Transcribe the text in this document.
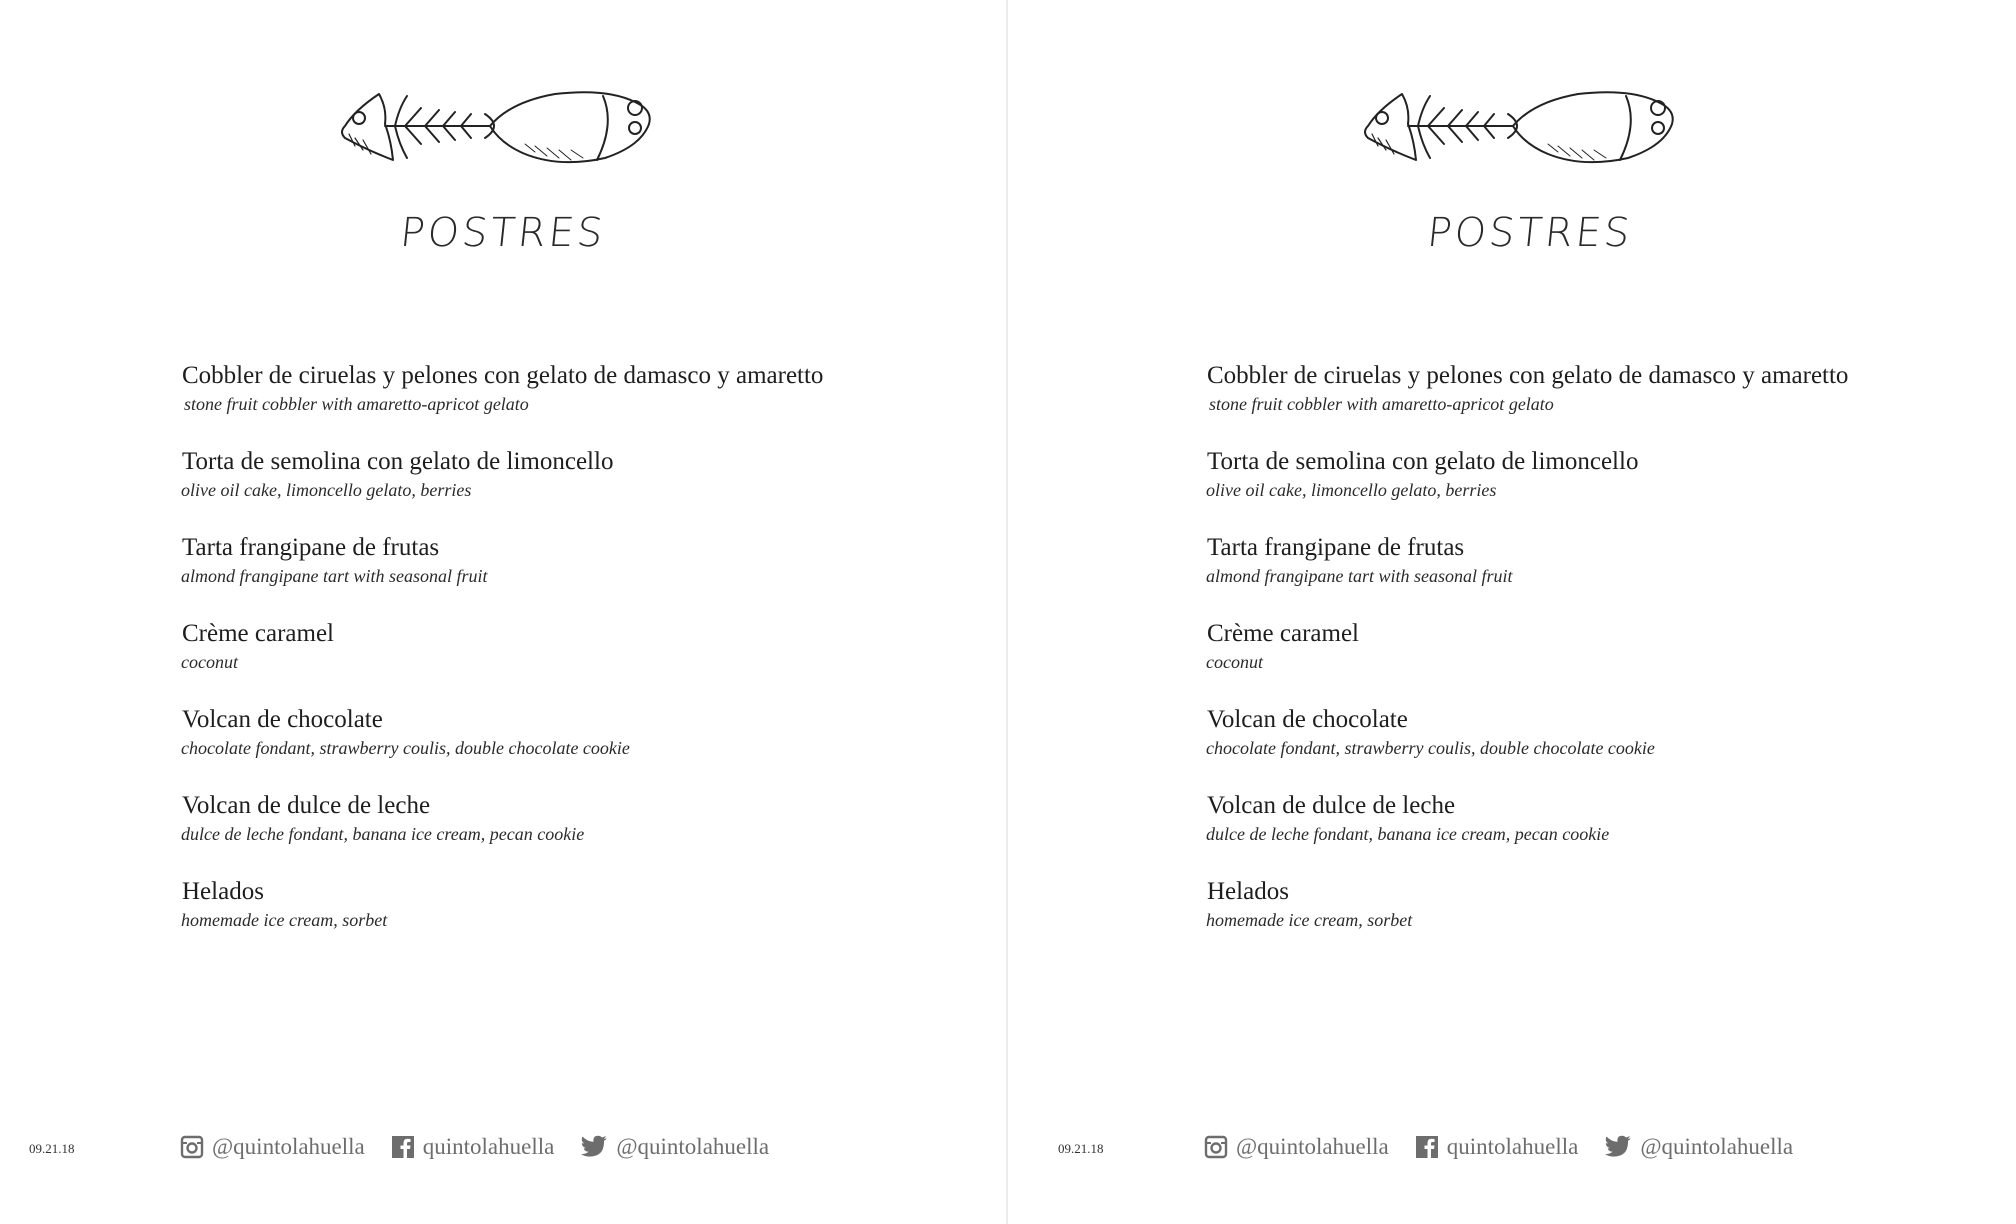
POSTRES
Cobbler de ciruelas y pelones con gelato de damasco y amaretto
stone fruit cobbler with amaretto-apricot gelato
Torta de semolina con gelato de limoncello
olive oil cake, limoncello gelato, berries
Tarta frangipane de frutas
almond frangipane tart with seasonal fruit
Crème caramel
coconut
Volcan de chocolate
chocolate fondant, strawberry coulis, double chocolate cookie
Volcan de dulce de leche
dulce de leche fondant, banana ice cream, pecan cookie
Helados
homemade ice cream, sorbet
09.21.18	@quintolahuella	quintolahuella	@quintolahuella
POSTRES
Cobbler de ciruelas y pelones con gelato de damasco y amaretto
stone fruit cobbler with amaretto-apricot gelato
Torta de semolina con gelato de limoncello
olive oil cake, limoncello gelato, berries
Tarta frangipane de frutas
almond frangipane tart with seasonal fruit
Crème caramel
coconut
Volcan de chocolate
chocolate fondant, strawberry coulis, double chocolate cookie
Volcan de dulce de leche
dulce de leche fondant, banana ice cream, pecan cookie
Helados
homemade ice cream, sorbet
09.21.18	@quintolahuella	quintolahuella	@quintolahuella
